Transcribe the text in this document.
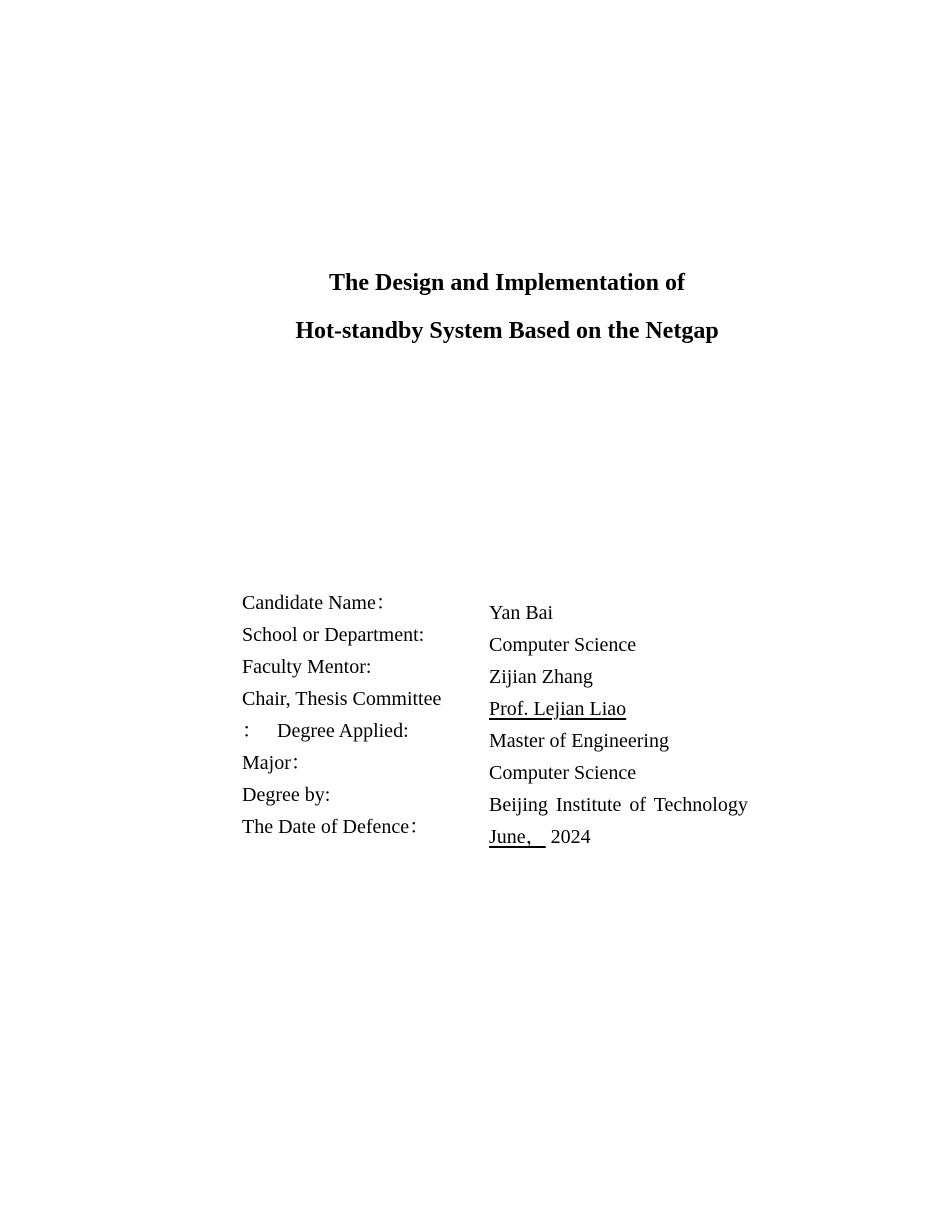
The Design and Implementation of
Hot-standby System Based on the Netgap
Candidate Name：
School or Department:
Faculty Mentor:
Chair, Thesis Committee
：   Degree Applied:
Major：
Degree by:
The Date of Defence：
Yan Bai
Computer Science
Zijian Zhang
Prof. Lejian Liao
Master of Engineering
Computer Science
Beijing Institute of Technology
June， 2024
